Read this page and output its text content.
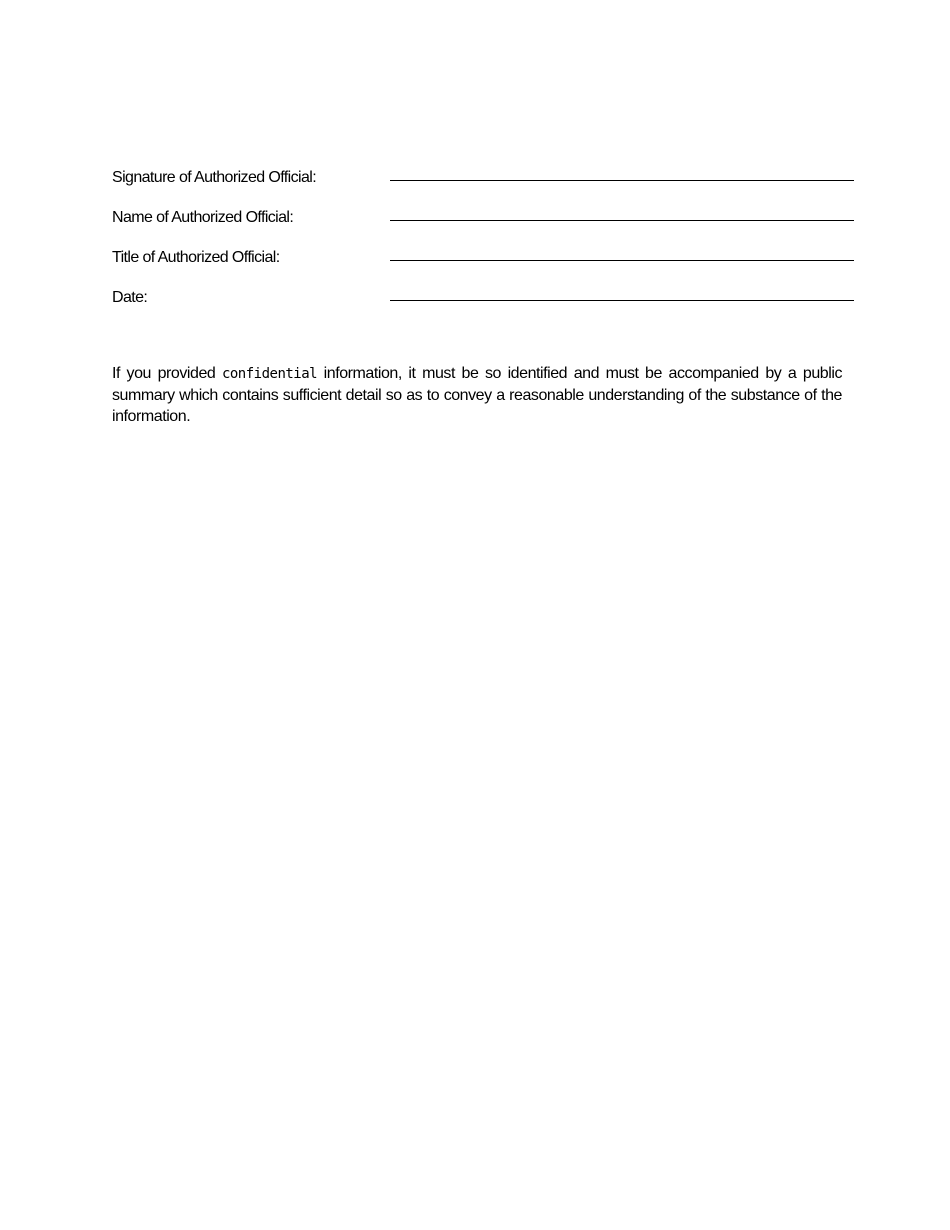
Signature of Authorized Official:
Name of Authorized Official:
Title of Authorized Official:
Date:

If you provided confidential information, it must be so identified and must be accompanied by a public summary which contains sufficient detail so as to convey a reasonable understanding of the substance of the information.
